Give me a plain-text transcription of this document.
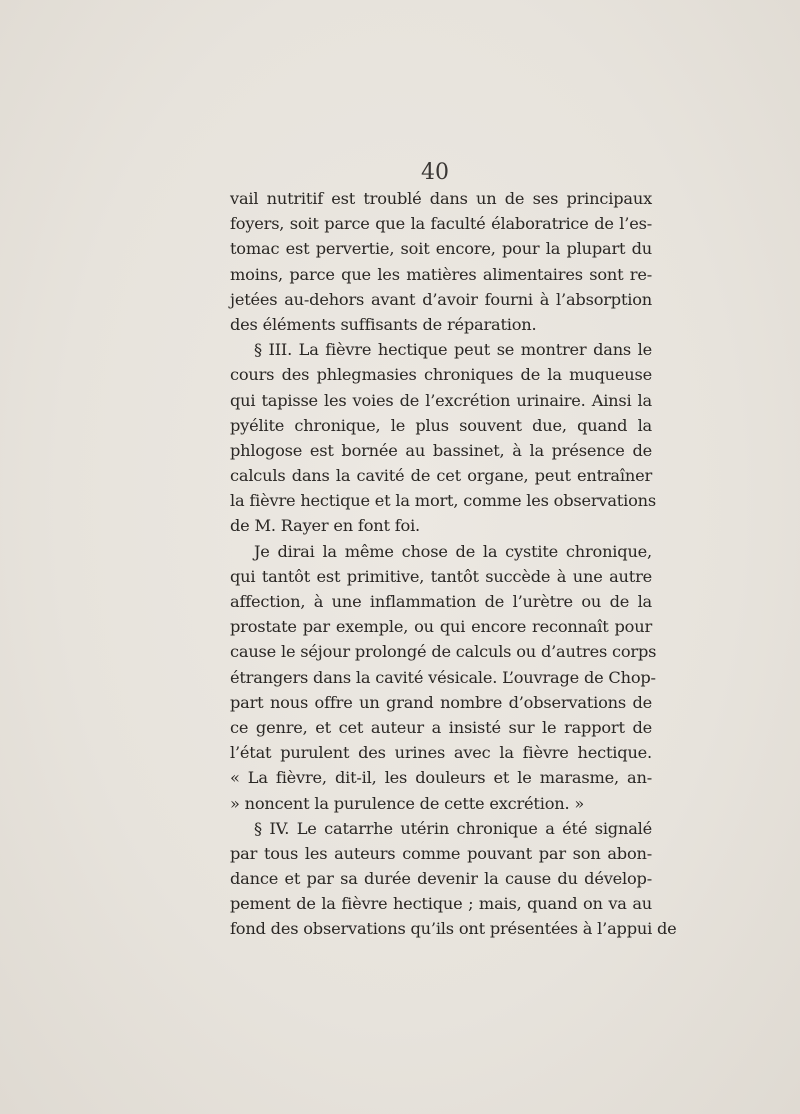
40

vail nutritif est troublé dans un de ses principaux
foyers, soit parce que la faculté élaboratrice de l’es-
tomac est pervertie, soit encore, pour la plupart du
moins, parce que les matières alimentaires sont re-
jetées au-dehors avant d’avoir fourni à l’absorption
des éléments suffisants de réparation.
§ III. La fièvre hectique peut se montrer dans le
cours des phlegmasies chroniques de la muqueuse
qui tapisse les voies de l’excrétion urinaire. Ainsi la
pyélite chronique, le plus souvent due, quand la
phlogose est bornée au bassinet, à la présence de
calculs dans la cavité de cet organe, peut entraîner
la fièvre hectique et la mort, comme les observations
de M. Rayer en font foi.
Je dirai la même chose de la cystite chronique,
qui tantôt est primitive, tantôt succède à une autre
affection, à une inflammation de l’urètre ou de la
prostate par exemple, ou qui encore reconnaît pour
cause le séjour prolongé de calculs ou d’autres corps
étrangers dans la cavité vésicale. L’ouvrage de Chop-
part nous offre un grand nombre d’observations de
ce genre, et cet auteur a insisté sur le rapport de
l’état purulent des urines avec la fièvre hectique.
« La fièvre, dit-il, les douleurs et le marasme, an-
» noncent la purulence de cette excrétion. »
§ IV. Le catarrhe utérin chronique a été signalé
par tous les auteurs comme pouvant par son abon-
dance et par sa durée devenir la cause du dévelop-
pement de la fièvre hectique ; mais, quand on va au
fond des observations qu’ils ont présentées à l’appui de
